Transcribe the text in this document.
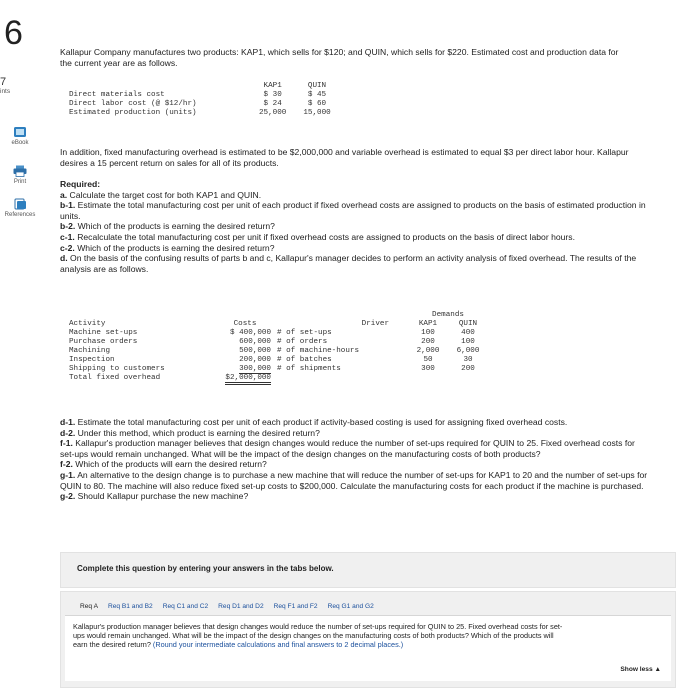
6
7
ints
eBook
Print
References
Kallapur Company manufactures two products: KAP1, which sells for $120; and QUIN, which sells for $220. Estimated cost and production data for the current year are as follows.
	KAP1	QUIN
Direct materials cost	$ 30	$ 45
Direct labor cost (@ $12/hr)	$ 24	$ 60
Estimated production (units)	25,000	15,000
In addition, fixed manufacturing overhead is estimated to be $2,000,000 and variable overhead is estimated to equal $3 per direct labor hour. Kallapur desires a 15 percent return on sales for all of its products.

Required:

a. Calculate the target cost for both KAP1 and QUIN.

b-1. Estimate the total manufacturing cost per unit of each product if fixed overhead costs are assigned to products on the basis of estimated production in units.

b-2. Which of the products is earning the desired return?

c-1. Recalculate the total manufacturing cost per unit if fixed overhead costs are assigned to products on the basis of direct labor hours.

c-2. Which of the products is earning the desired return?

d. On the basis of the confusing results of parts b and c, Kallapur's manager decides to perform an activity analysis of fixed overhead. The results of the analysis are as follows.

					Demands	
Activity	Costs	Driver			KAP1	QUIN
Machine set-ups	$ 400,000	# of set-ups			100	400
Purchase orders	600,000	# of orders			200	100
Machining	500,000	# of machine-hours			2,000	6,000
Inspection	200,000	# of batches			50	30
Shipping to customers	300,000	# of shipments			300	200
Total fixed overhead	$2,000,000					

d-1. Estimate the total manufacturing cost per unit of each product if activity-based costing is used for assigning fixed overhead costs.

d-2. Under this method, which product is earning the desired return?

f-1. Kallapur's production manager believes that design changes would reduce the number of set-ups required for QUIN to 25. Fixed overhead costs for set-ups would remain unchanged. What will be the impact of the design changes on the manufacturing costs of both products?

f-2. Which of the products will earn the desired return?

g-1. An alternative to the design change is to purchase a new machine that will reduce the number of set-ups for KAP1 to 20 and the number of set-ups for QUIN to 80. The machine will also reduce fixed set-up costs to $200,000. Calculate the manufacturing costs for each product if the machine is purchased.

g-2. Should Kallapur purchase the new machine?

Complete this question by entering your answers in the tabs below.
Req A	Req B1 and B2	Req C1 and C2	Req D1 and D2	Req F1 and F2	Req G1 and G2
Kallapur's production manager believes that design changes would reduce the number of set-ups required for QUIN to 25. Fixed overhead costs for set-ups would remain unchanged. What will be the impact of the design changes on the manufacturing costs of both products? Which of the products will earn the desired return? (Round your intermediate calculations and final answers to 2 decimal places.)
Show less ▲
